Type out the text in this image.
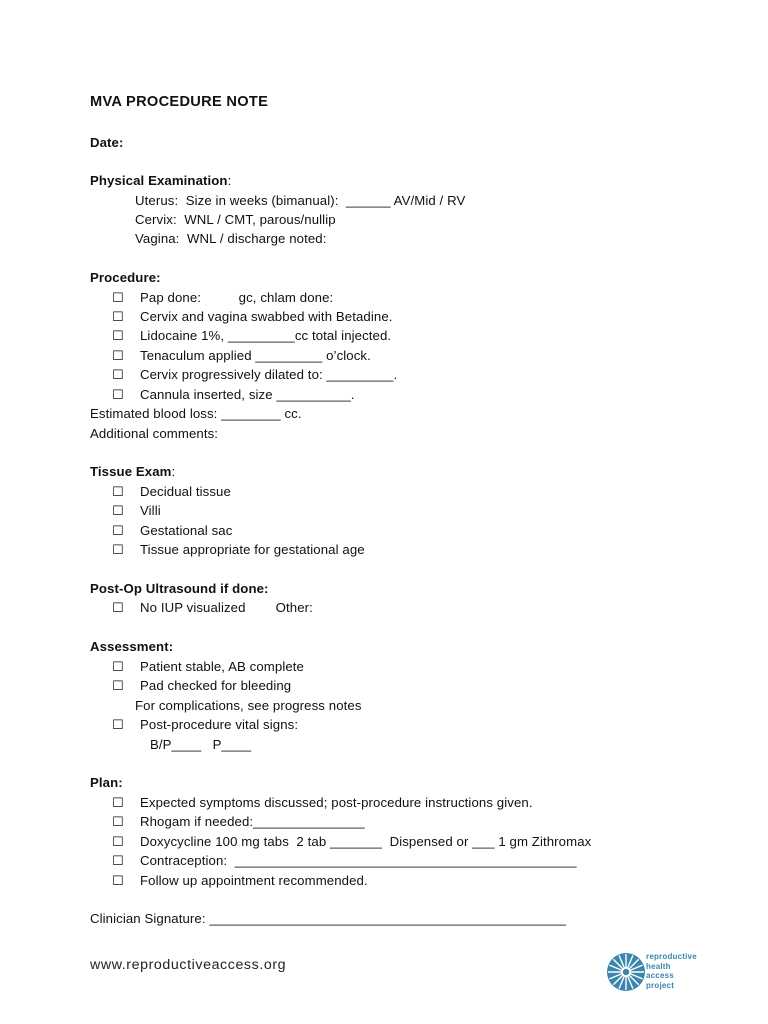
MVA PROCEDURE NOTE
Date:
Physical Examination:
Uterus:  Size in weeks (bimanual):  ______ AV/Mid / RV
Cervix:  WNL / CMT, parous/nullip
Vagina:  WNL / discharge noted:
Procedure:
☐ Pap done:          gc, chlam done:
☐ Cervix and vagina swabbed with Betadine.
☐ Lidocaine 1%, _________cc total injected.
☐ Tenaculum applied _________ o’clock.
☐ Cervix progressively dilated to: _________.
☐ Cannula inserted, size __________.
Estimated blood loss: ________ cc.
Additional comments:
Tissue Exam:
☐ Decidual tissue
☐ Villi
☐ Gestational sac
☐ Tissue appropriate for gestational age
Post-Op Ultrasound if done:
☐ No IUP visualized        Other:
Assessment:
☐ Patient stable, AB complete
☐ Pad checked for bleeding
For complications, see progress notes
☐ Post-procedure vital signs:
B/P____   P____
Plan:
☐ Expected symptoms discussed; post-procedure instructions given.
☐ Rhogam if needed:_______________
☐ Doxycycline 100 mg tabs  2 tab _______  Dispensed or ___ 1 gm Zithromax
☐ Contraception:  ______________________________________________
☐ Follow up appointment recommended.
Clinician Signature: ________________________________________________
www.reproductiveaccess.org
reproductive
health
access
project
